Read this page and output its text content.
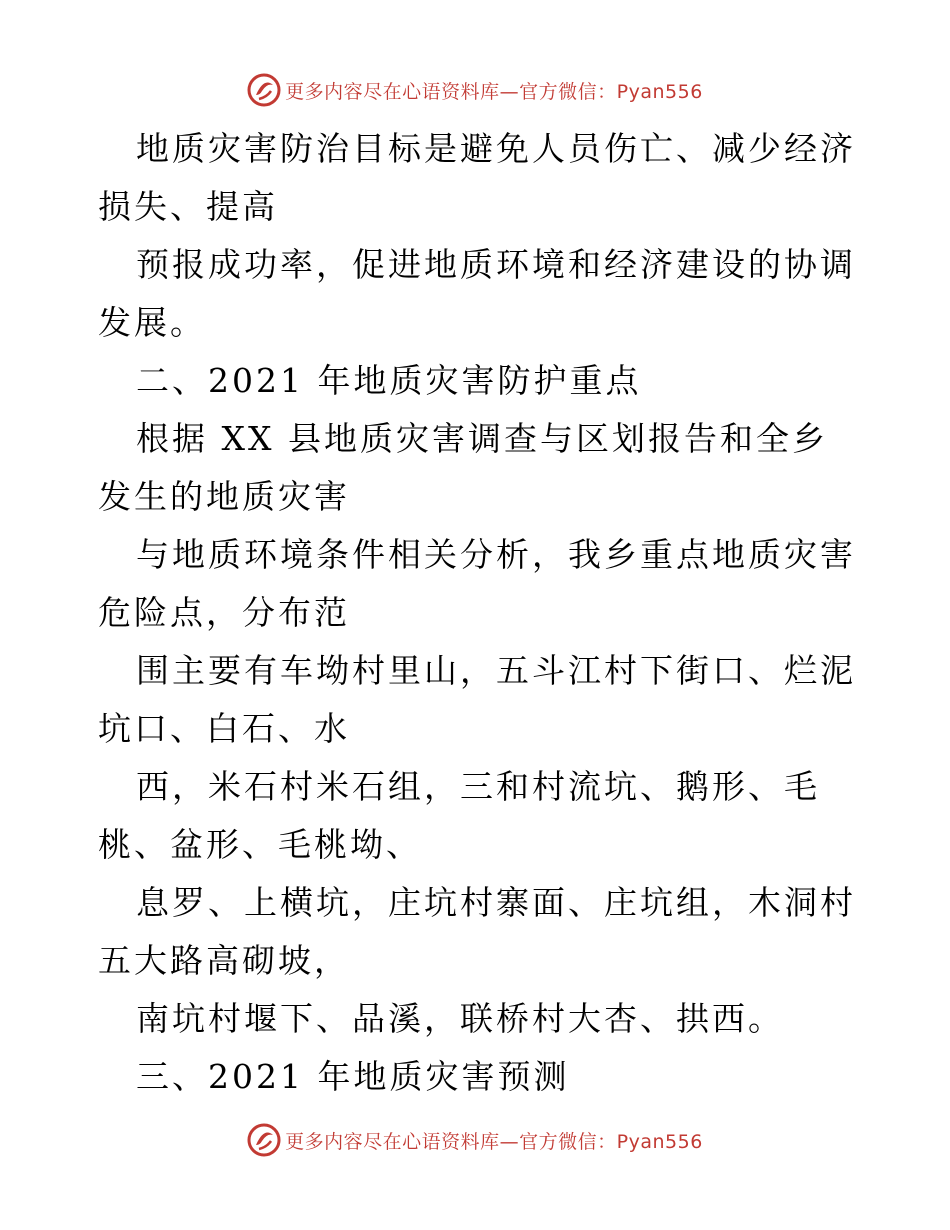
更多内容尽在心语资料库—官方微信：Pyan556

地质灾害防治目标是避免人员伤亡、减少经济损失、提高

预报成功率，促进地质环境和经济建设的协调发展。

二、2021 年地质灾害防护重点

根据 XX 县地质灾害调查与区划报告和全乡发生的地质灾害

与地质环境条件相关分析，我乡重点地质灾害危险点，分布范

围主要有车坳村里山，五斗江村下街口、烂泥坑口、白石、水

西，米石村米石组，三和村流坑、鹅形、毛桃、盆形、毛桃坳、

息罗、上横坑，庄坑村寨面、庄坑组，木洞村五大路高砌坡，

南坑村堰下、品溪，联桥村大杏、拱西。

三、2021 年地质灾害预测

更多内容尽在心语资料库—官方微信：Pyan556
